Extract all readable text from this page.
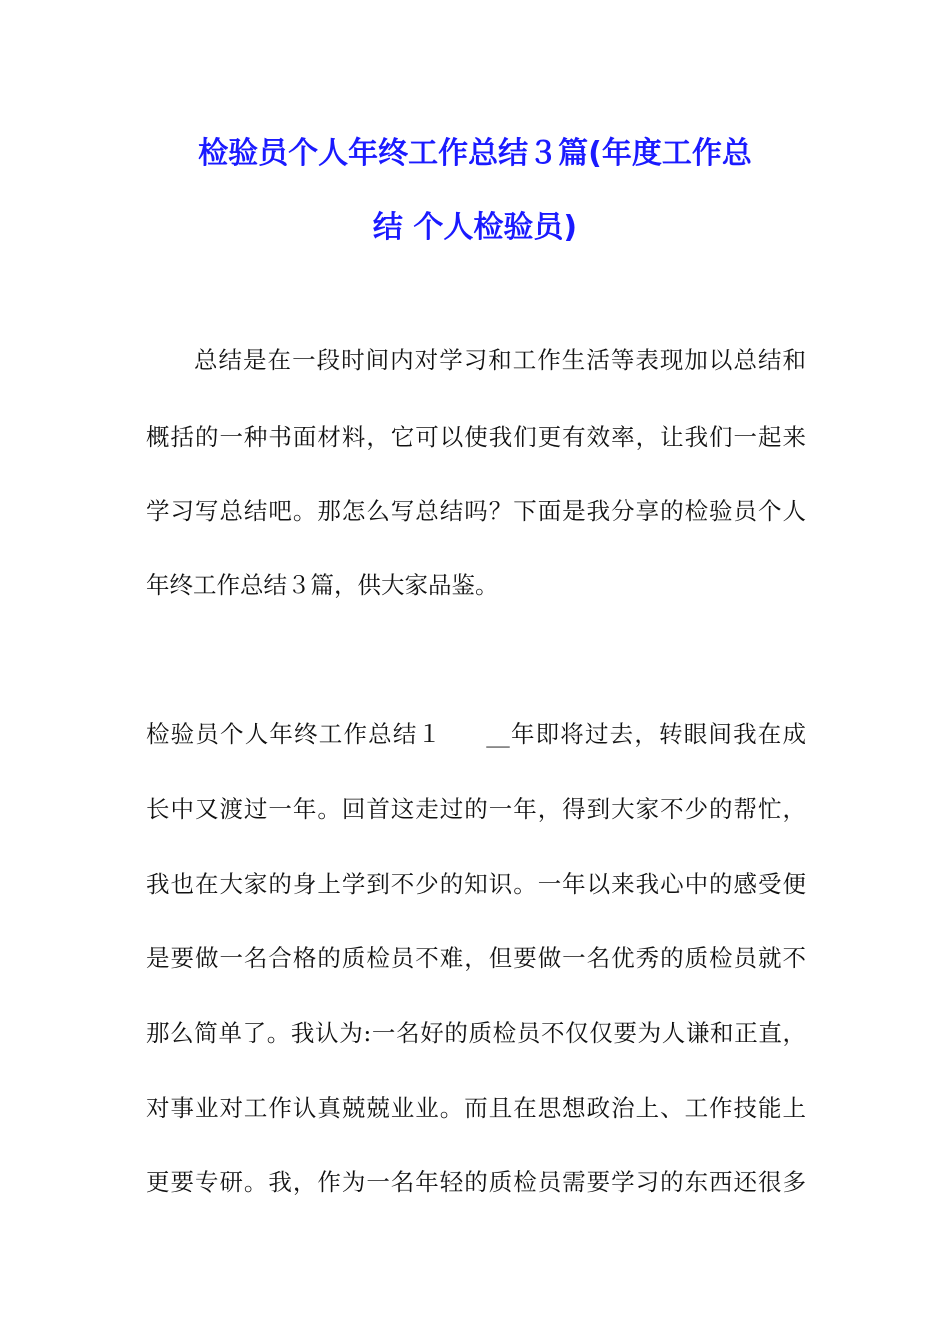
检验员个人年终工作总结３篇(年度工作总
结 个人检验员)
总结是在一段时间内对学习和工作生活等表现加以总结和
概括的一种书面材料，它可以使我们更有效率，让我们一起来
学习写总结吧。那怎么写总结吗？下面是我分享的检验员个人
年终工作总结３篇，供大家品鉴。
检验员个人年终工作总结１ __年即将过去，转眼间我在成
长中又渡过一年。回首这走过的一年，得到大家不少的帮忙，
我也在大家的身上学到不少的知识。一年以来我心中的感受便
是要做一名合格的质检员不难，但要做一名优秀的质检员就不
那么简单了。我认为:一名好的质检员不仅仅要为人谦和正直，
对事业对工作认真兢兢业业。而且在思想政治上、工作技能上
更要专研。我，作为一名年轻的质检员需要学习的东西还很多
